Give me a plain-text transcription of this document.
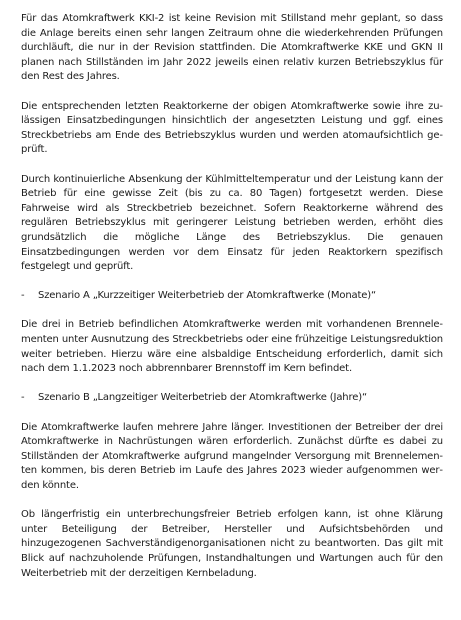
Für das Atomkraftwerk KKI-2 ist keine Revision mit Stillstand mehr geplant, so dass die Anlage bereits einen sehr langen Zeitraum ohne die wiederkehrenden Prüfungen durchläuft, die nur in der Revision stattfinden. Die Atomkraftwerke KKE und GKN II planen nach Stillständen im Jahr 2022 jeweils einen relativ kurzen Betriebszyklus für den Rest des Jahres.

Die entsprechenden letzten Reaktorkerne der obigen Atomkraftwerke sowie ihre zulässigen Einsatzbedingungen hinsichtlich der angesetzten Leistung und ggf. eines Streckbetriebs am Ende des Betriebszyklus wurden und werden atomaufsichtlich geprüft.

Durch kontinuierliche Absenkung der Kühlmitteltemperatur und der Leistung kann der Betrieb für eine gewisse Zeit (bis zu ca. 80 Tagen) fortgesetzt werden. Diese Fahrweise wird als Streckbetrieb bezeichnet. Sofern Reaktorkerne während des regulären Betriebszyklus mit geringerer Leistung betrieben werden, erhöht dies grundsätzlich die mögliche Länge des Betriebszyklus. Die genauen Einsatzbedingungen werden vor dem Einsatz für jeden Reaktorkern spezifisch festgelegt und geprüft.

- Szenario A „Kurzzeitiger Weiterbetrieb der Atomkraftwerke (Monate)“

Die drei in Betrieb befindlichen Atomkraftwerke werden mit vorhandenen Brennelementen unter Ausnutzung des Streckbetriebs oder eine frühzeitige Leistungsreduktion weiter betrieben. Hierzu wäre eine alsbaldige Entscheidung erforderlich, damit sich nach dem 1.1.2023 noch abbrennbarer Brennstoff im Kern befindet.

- Szenario B „Langzeitiger Weiterbetrieb der Atomkraftwerke (Jahre)“

Die Atomkraftwerke laufen mehrere Jahre länger. Investitionen der Betreiber der drei Atomkraftwerke in Nachrüstungen wären erforderlich. Zunächst dürfte es dabei zu Stillständen der Atomkraftwerke aufgrund mangelnder Versorgung mit Brennelementen kommen, bis deren Betrieb im Laufe des Jahres 2023 wieder aufgenommen werden könnte.

Ob längerfristig ein unterbrechungsfreier Betrieb erfolgen kann, ist ohne Klärung unter Beteiligung der Betreiber, Hersteller und Aufsichtsbehörden und hinzugezogenen Sachverständigenorganisationen nicht zu beantworten. Das gilt mit Blick auf nachzuholende Prüfungen, Instandhaltungen und Wartungen auch für den Weiterbetrieb mit der derzeitigen Kernbeladung.
